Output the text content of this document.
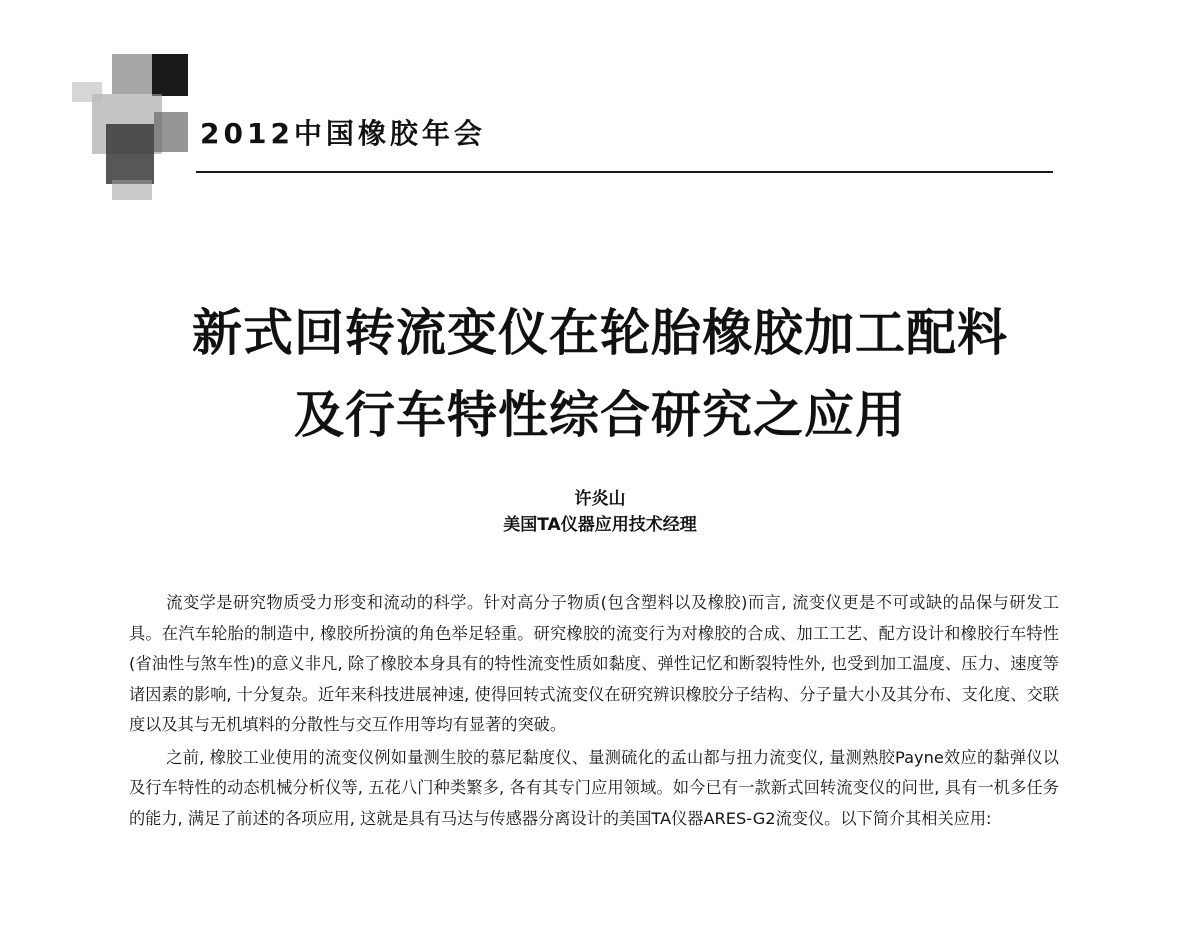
2012中国橡胶年会
新式回转流变仪在轮胎橡胶加工配料
及行车特性综合研究之应用
许炎山
美国TA仪器应用技术经理

流变学是研究物质受力形变和流动的科学。针对高分子物质(包含塑料以及橡胶)而言, 流变仪更是不可或缺的品保与研发工具。在汽车轮胎的制造中, 橡胶所扮演的角色举足轻重。研究橡胶的流变行为对橡胶的合成、加工工艺、配方设计和橡胶行车特性(省油性与煞车性)的意义非凡, 除了橡胶本身具有的特性流变性质如黏度、弹性记忆和断裂特性外, 也受到加工温度、压力、速度等诸因素的影响, 十分复杂。近年来科技进展神速, 使得回转式流变仪在研究辨识橡胶分子结构、分子量大小及其分布、支化度、交联度以及其与无机填料的分散性与交互作用等均有显著的突破。

之前, 橡胶工业使用的流变仪例如量测生胶的慕尼黏度仪、量测硫化的孟山都与扭力流变仪, 量测熟胶Payne效应的黏弹仪以及行车特性的动态机械分析仪等, 五花八门种类繁多, 各有其专门应用领域。如今已有一款新式回转流变仪的问世, 具有一机多任务的能力, 满足了前述的各项应用, 这就是具有马达与传感器分离设计的美国TA仪器ARES-G2流变仪。以下简介其相关应用:
